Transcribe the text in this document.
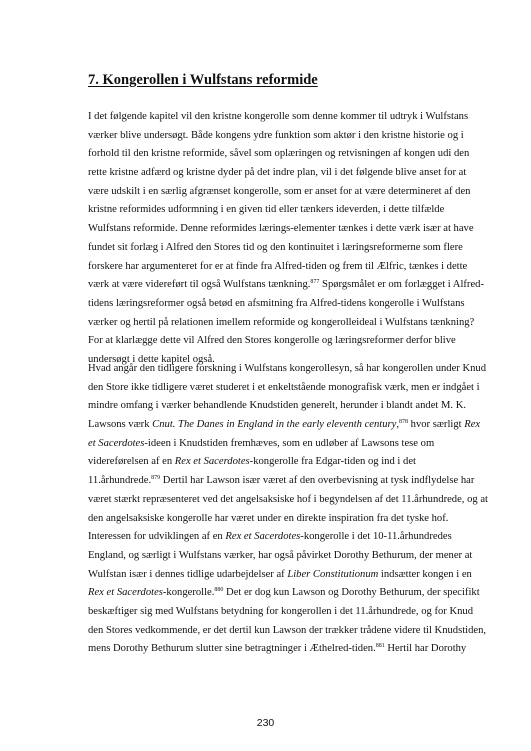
7. Kongerollen i Wulfstans reformide
I det følgende kapitel vil den kristne kongerolle som denne kommer til udtryk i Wulfstans
værker blive undersøgt. Både kongens ydre funktion som aktør i den kristne historie og i
forhold til den kristne reformide, såvel som oplæringen og retvisningen af kongen udi den
rette kristne adfærd og kristne dyder på det indre plan, vil i det følgende blive anset for at
være udskilt i en særlig afgrænset kongerolle, som er anset for at være determineret af den
kristne reformides udformning i en given tid eller tænkers ideverden, i dette tilfælde
Wulfstans reformide. Denne reformides lærings-elementer tænkes i dette værk især at have
fundet sit forlæg i Alfred den Stores tid og den kontinuitet i læringsreformerne som flere
forskere har argumenteret for er at finde fra Alfred-tiden og frem til Ælfric, tænkes i dette
værk at være videreført til også Wulfstans tænkning.$^{877}$ Spørgsmålet er om forlægget i Alfred-
tidens læringsreformer også betød en afsmitning fra Alfred-tidens kongerolle i Wulfstans
værker og hertil på relationen imellem reformide og kongerolleideal i Wulfstans tænkning?
For at klarlægge dette vil Alfred den Stores kongerolle og læringsreformer derfor blive
undersøgt i dette kapitel også.
Hvad angår den tidligere forskning i Wulfstans kongerollesyn, så har kongerollen under Knud
den Store ikke tidligere været studeret i et enkeltstående monografisk værk, men er indgået i
mindre omfang i værker behandlende Knudstiden generelt, herunder i blandt andet M. K.
Lawsons værk Cnut. The Danes in England in the early eleventh century,$^{878}$ hvor særligt Rex
et Sacerdotes-ideen i Knudstiden fremhæves, som en udløber af Lawsons tese om
videreførelsen af en Rex et Sacerdotes-kongerolle fra Edgar-tiden og ind i det
11.århundrede.$^{879}$ Dertil har Lawson især været af den overbevisning at tysk indflydelse har
været stærkt repræsenteret ved det angelsaksiske hof i begyndelsen af det 11.århundrede, og at
den angelsaksiske kongerolle har været under en direkte inspiration fra det tyske hof.
Interessen for udviklingen af en Rex et Sacerdotes-kongerolle i det 10-11.århundredes
England, og særligt i Wulfstans værker, har også påvirket Dorothy Bethurum, der mener at
Wulfstan især i dennes tidlige udarbejdelser af Liber Constitutionum indsætter kongen i en
Rex et Sacerdotes-kongerolle.$^{880}$ Det er dog kun Lawson og Dorothy Bethurum, der specifikt
beskæftiger sig med Wulfstans betydning for kongerollen i det 11.århundrede, og for Knud
den Stores vedkommende, er det dertil kun Lawson der trækker trådene videre til Knudstiden,
mens Dorothy Bethurum slutter sine betragtninger i Æthelred-tiden.$^{881}$ Hertil har Dorothy
230
